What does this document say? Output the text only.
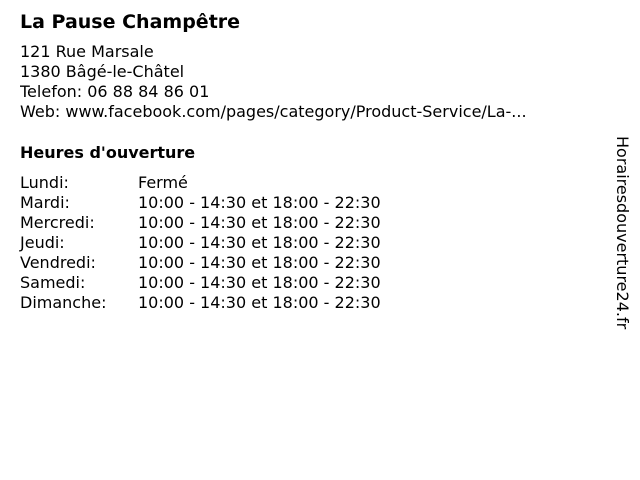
La Pause Champêtre
121 Rue Marsale
1380 Bâgé-le-Châtel
Telefon: 06 88 84 86 01
Web: www.facebook.com/pages/category/Product-Service/La-...
Heures d'ouverture
Lundi:	Fermé
Mardi:	10:00 - 14:30 et 18:00 - 22:30
Mercredi:	10:00 - 14:30 et 18:00 - 22:30
Jeudi:	10:00 - 14:30 et 18:00 - 22:30
Vendredi:	10:00 - 14:30 et 18:00 - 22:30
Samedi:	10:00 - 14:30 et 18:00 - 22:30
Dimanche:	10:00 - 14:30 et 18:00 - 22:30	Horairesdouverture24.fr
